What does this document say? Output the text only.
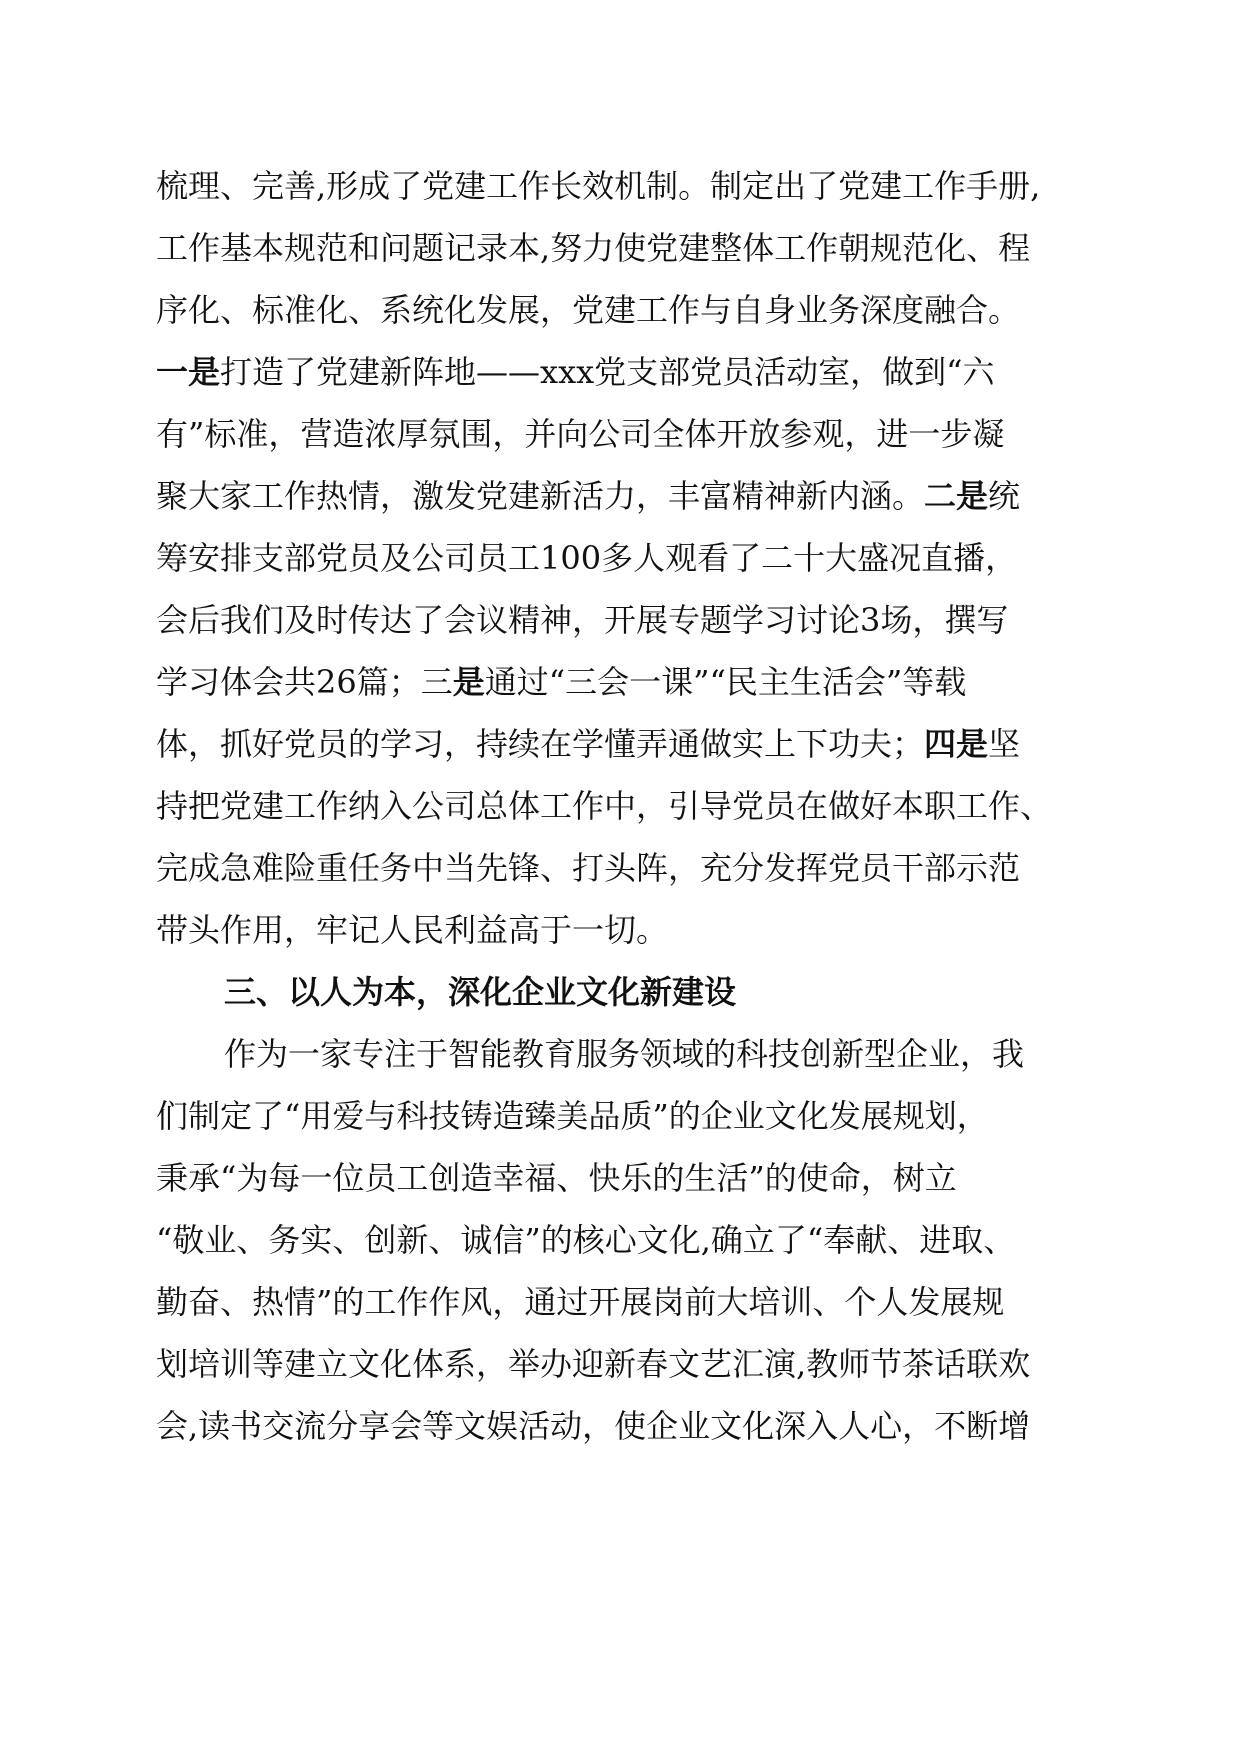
梳理、完善,形成了党建工作长效机制。制定出了党建工作手册,
工作基本规范和问题记录本,努力使党建整体工作朝规范化、程
序化、标准化、系统化发展，党建工作与自身业务深度融合。
一是打造了党建新阵地——xxx党支部党员活动室，做到“六
有”标准，营造浓厚氛围，并向公司全体开放参观，进一步凝
聚大家工作热情，激发党建新活力，丰富精神新内涵。二是统
筹安排支部党员及公司员工100多人观看了二十大盛况直播，
会后我们及时传达了会议精神，开展专题学习讨论3场，撰写
学习体会共26篇；三是通过“三会一课”“民主生活会”等载
体，抓好党员的学习，持续在学懂弄通做实上下功夫；四是坚
持把党建工作纳入公司总体工作中，引导党员在做好本职工作、
完成急难险重任务中当先锋、打头阵，充分发挥党员干部示范
带头作用，牢记人民利益高于一切。
三、以人为本，深化企业文化新建设
作为一家专注于智能教育服务领域的科技创新型企业，我
们制定了“用爱与科技铸造臻美品质”的企业文化发展规划，
秉承“为每一位员工创造幸福、快乐的生活”的使命，树立
“敬业、务实、创新、诚信”的核心文化,确立了“奉献、进取、
勤奋、热情”的工作作风，通过开展岗前大培训、个人发展规
划培训等建立文化体系，举办迎新春文艺汇演,教师节茶话联欢
会,读书交流分享会等文娱活动，使企业文化深入人心，不断增
